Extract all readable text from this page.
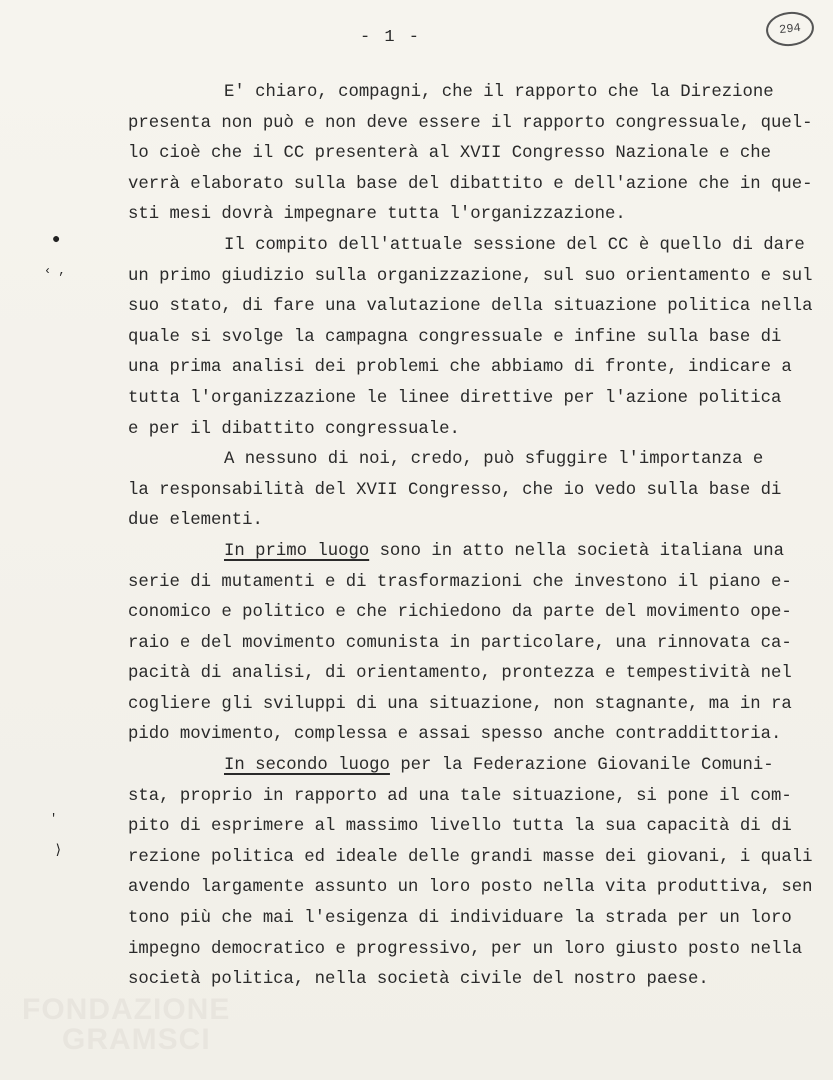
- 1 -	294
●
‹ ,
'
⟩
E' chiaro, compagni, che il rapporto che la Direzione
presenta non può e non deve essere il rapporto congressuale, quel-
lo cioè che il CC presenterà al XVII Congresso Nazionale e che
verrà elaborato sulla base del dibattito e dell'azione che in que-
sti mesi dovrà impegnare tutta l'organizzazione.
Il compito dell'attuale sessione del CC è quello di dare
un primo giudizio sulla organizzazione, sul suo orientamento e sul
suo stato, di fare una valutazione della situazione politica nella
quale si svolge la campagna congressuale e infine sulla base di
una prima analisi dei problemi che abbiamo di fronte, indicare a
tutta l'organizzazione le linee direttive per l'azione politica
e per il dibattito congressuale.
A nessuno di noi, credo, può sfuggire l'importanza e
la responsabilità del XVII Congresso, che io vedo sulla base di
due elementi.
In primo luogo sono in atto nella società italiana una
serie di mutamenti e di trasformazioni che investono il piano e-
conomico e politico e che richiedono da parte del movimento ope-
raio e del movimento comunista in particolare, una rinnovata ca-
pacità di analisi, di orientamento, prontezza e tempestività nel
cogliere gli sviluppi di una situazione, non stagnante, ma in ra
pido movimento, complessa e assai spesso anche contraddittoria.
In secondo luogo per la Federazione Giovanile Comuni-
sta, proprio in rapporto ad una tale situazione, si pone il com-
pito di esprimere al massimo livello tutta la sua capacità di di
rezione politica ed ideale delle grandi masse dei giovani, i quali
avendo largamente assunto un loro posto nella vita produttiva, sen
tono più che mai l'esigenza di individuare la strada per un loro
impegno democratico e progressivo, per un loro giusto posto nella
società politica, nella società civile del nostro paese.
FONDAZIONE
GRAMSCI
